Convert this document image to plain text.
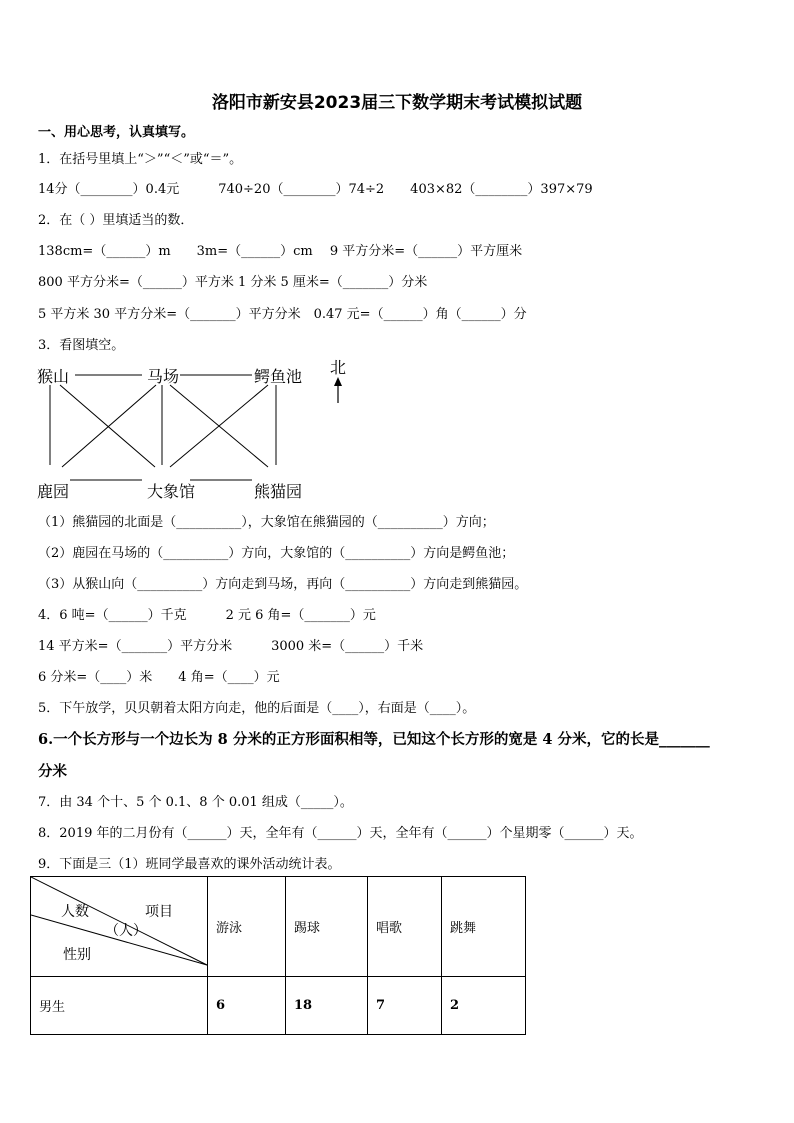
洛阳市新安县2023届三下数学期末考试模拟试题
一、用心思考，认真填写。
1．在括号里填上“＞”“＜”或“＝”。
14分（________）0.4元　　　740÷20（________）74÷2　　403×82（________）397×79
2．在（ ）里填适当的数．
138cm=（______）m　　3m=（______）cm　 9 平方分米=（______）平方厘米
800 平方分米=（______）平方米 1 分米 5 厘米=（_______）分米
5 平方米 30 平方分米=（_______）平方分米　0.47 元=（______）角（______）分
3．看图填空。
猴山	马场	鳄鱼池
鹿园	大象馆	熊猫园
北
（1）熊猫园的北面是（__________），大象馆在熊猫园的（__________）方向；
（2）鹿园在马场的（__________）方向，大象馆的（__________）方向是鳄鱼池；
（3）从猴山向（__________）方向走到马场，再向（__________）方向走到熊猫园。
4．6 吨=（______）千克　　　2 元 6 角=（_______）元
14 平方米=（_______）平方分米　　　3000 米=（______）千米
6 分米=（____）米　　4 角=（____）元
5．下午放学，贝贝朝着太阳方向走，他的后面是（____），右面是（____）。
6.一个长方形与一个边长为 8 分米的正方形面积相等，已知这个长方形的宽是 4 分米，它的长是_______
分米
7．由 34 个十、5 个 0.1、8 个 0.01 组成（_____）。
8．2019 年的二月份有（______）天，全年有（______）天，全年有（______）个星期零（______）天。
9．下面是三（1）班同学最喜欢的课外活动统计表。
人数 项目
（人）
性别	游泳	踢球	唱歌	跳舞
男生	6	18	7	2
